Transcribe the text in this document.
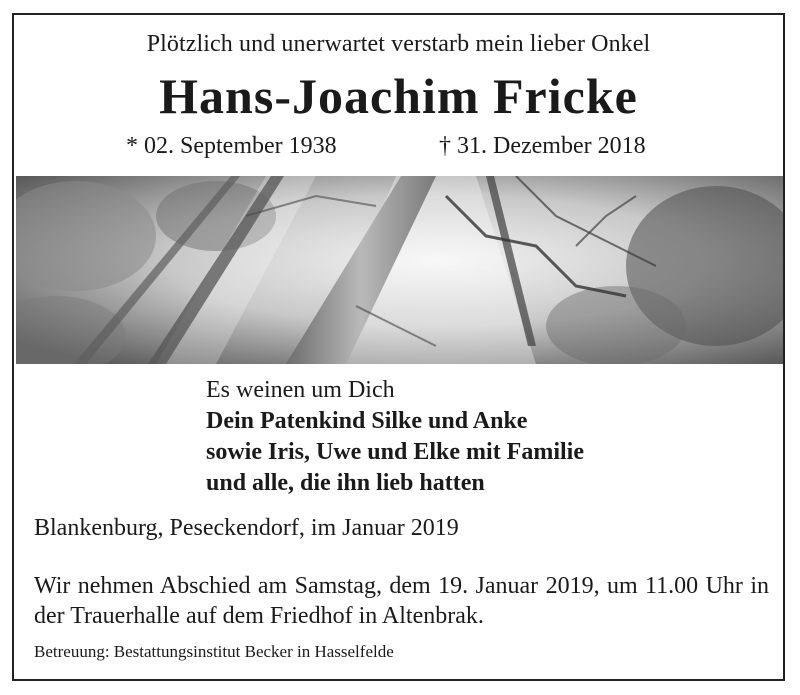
Plötzlich und unerwartet verstarb mein lieber Onkel
Hans-Joachim Fricke
* 02. September 1938	† 31. Dezember 2018
Es weinen um Dich
Dein Patenkind Silke und Anke
sowie Iris, Uwe und Elke mit Familie
und alle, die ihn lieb hatten
Blankenburg, Peseckendorf, im Januar 2019
Wir nehmen Abschied am Samstag, dem 19. Januar 2019, um 11.00 Uhr in der Trauerhalle auf dem Friedhof in Altenbrak.
Betreuung: Bestattungsinstitut Becker in Hasselfelde
